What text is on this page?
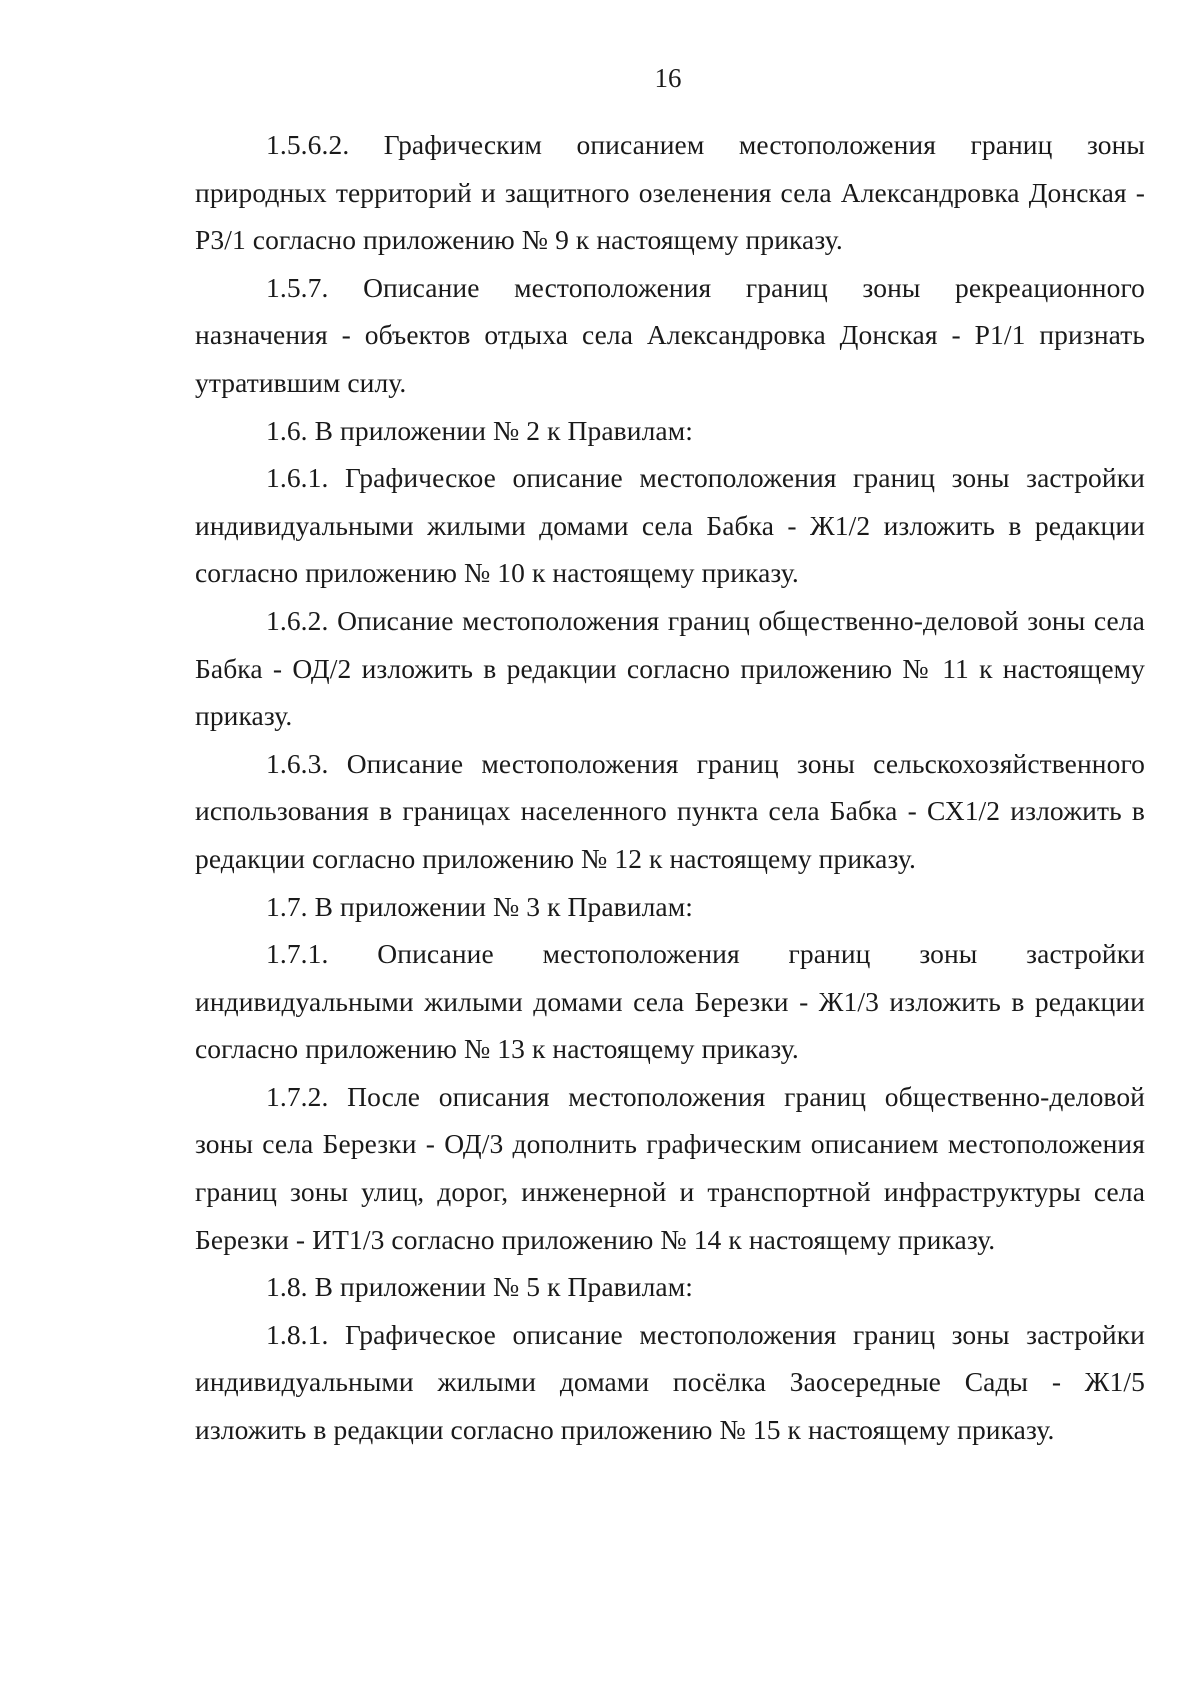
16

1.5.6.2. Графическим описанием местоположения границ зоны природных территорий и защитного озеленения села Александровка Донская - Р3/1 согласно приложению № 9 к настоящему приказу.

1.5.7. Описание местоположения границ зоны рекреационного назначения - объектов отдыха села Александровка Донская - Р1/1 признать утратившим силу.

1.6. В приложении № 2 к Правилам:

1.6.1. Графическое описание местоположения границ зоны застройки индивидуальными жилыми домами села Бабка - Ж1/2 изложить в редакции согласно приложению № 10 к настоящему приказу.

1.6.2. Описание местоположения границ общественно-деловой зоны села Бабка - ОД/2 изложить в редакции согласно приложению № 11 к настоящему приказу.

1.6.3. Описание местоположения границ зоны сельскохозяйственного использования в границах населенного пункта села Бабка - СХ1/2 изложить в редакции согласно приложению № 12 к настоящему приказу.

1.7. В приложении № 3 к Правилам:

1.7.1. Описание местоположения границ зоны застройки индивидуальными жилыми домами села Березки - Ж1/3 изложить в редакции согласно приложению № 13 к настоящему приказу.

1.7.2. После описания местоположения границ общественно-деловой зоны села Березки - ОД/3 дополнить графическим описанием местоположения границ зоны улиц, дорог, инженерной и транспортной инфраструктуры села Березки - ИТ1/3 согласно приложению № 14 к настоящему приказу.

1.8. В приложении № 5 к Правилам:

1.8.1. Графическое описание местоположения границ зоны застройки индивидуальными жилыми домами посёлка Заосередные Сады - Ж1/5 изложить в редакции согласно приложению № 15 к настоящему приказу.
